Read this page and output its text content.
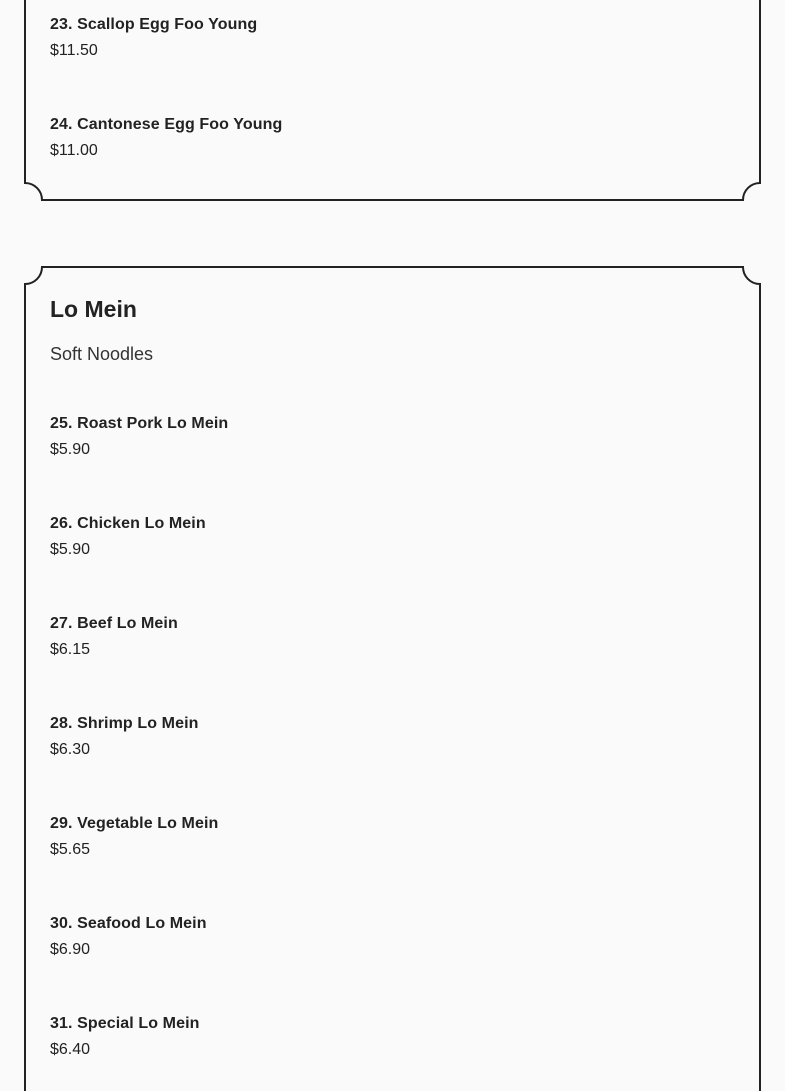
23. Scallop Egg Foo Young
$11.50
24. Cantonese Egg Foo Young
$11.00
Lo Mein
Soft Noodles
25. Roast Pork Lo Mein
$5.90
26. Chicken Lo Mein
$5.90
27. Beef Lo Mein
$6.15
28. Shrimp Lo Mein
$6.30
29. Vegetable Lo Mein
$5.65
30. Seafood Lo Mein
$6.90
31. Special Lo Mein
$6.40
